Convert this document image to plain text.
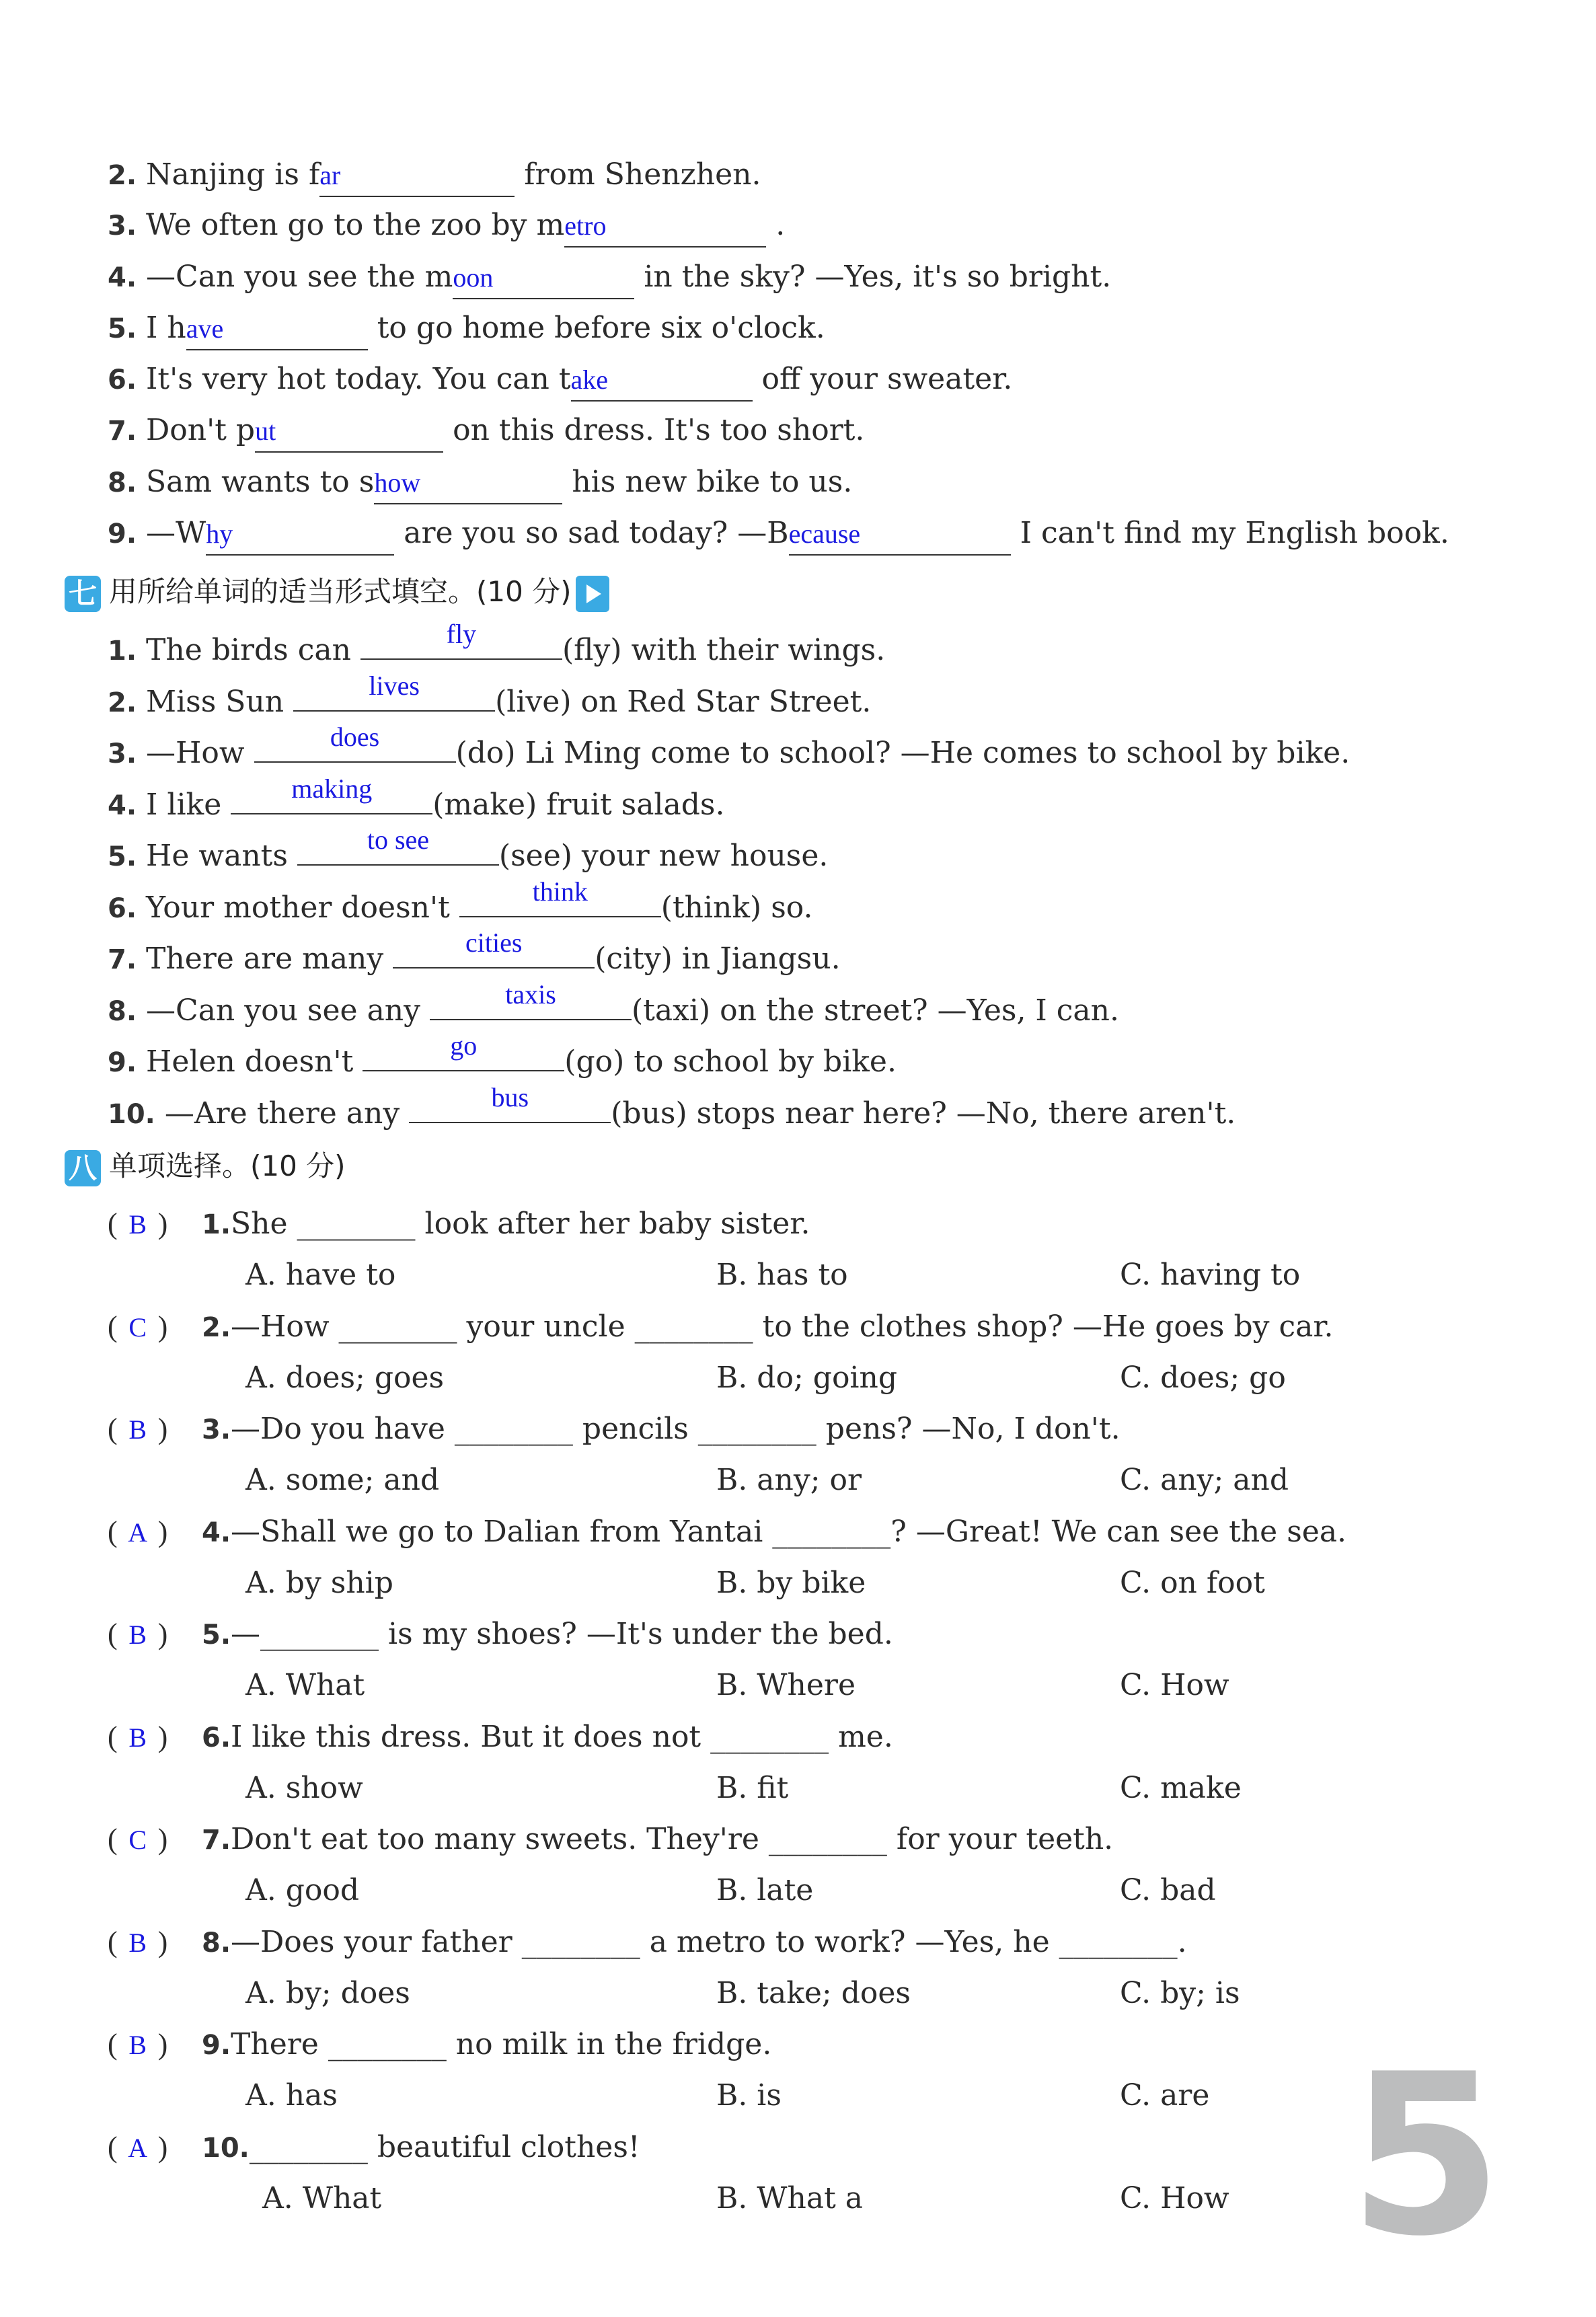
2. Nanjing is far	from Shenzhen.
3. We often go to the zoo by metro	.
4. —Can you see the moon	in the sky? —Yes, it's so bright.
5. I have	to go home before six o'clock.
6. It's very hot today. You can take	off your sweater.
7. Don't put	on this dress. It's too short.
8. Sam wants to show	his new bike to us.
9. —Why	are you so sad today? —Because	I can't find my English book.
七 用所给单词的适当形式填空。(10 分)
1. The birds can	fly	(fly) with their wings.
2. Miss Sun	lives	(live) on Red Star Street.
3. —How	does	(do) Li Ming come to school? —He comes to school by bike.
4. I like	making	(make) fruit salads.
5. He wants	to see	(see) your new house.
6. Your mother doesn't	think	(think) so.
7. There are many	cities	(city) in Jiangsu.
8. —Can you see any	taxis	(taxi) on the street? —Yes, I can.
9. Helen doesn't	go	(go) to school by bike.
10. —Are there any	bus	(bus) stops near here? —No, there aren't.
八 单项选择。(10 分)
( B ) 1.She ________ look after her baby sister.
A. have to	B. has to	C. having to
( C ) 2.—How ________ your uncle ________ to the clothes shop? —He goes by car.
A. does; goes	B. do; going	C. does; go
( B ) 3.—Do you have ________ pencils ________ pens? —No, I don't.
A. some; and	B. any; or	C. any; and
( A ) 4.—Shall we go to Dalian from Yantai ________? —Great! We can see the sea.
A. by ship	B. by bike	C. on foot
( B ) 5.—________ is my shoes? —It's under the bed.
A. What	B. Where	C. How
( B ) 6.I like this dress. But it does not ________ me.
A. show	B. fit	C. make
( C ) 7.Don't eat too many sweets. They're ________ for your teeth.
A. good	B. late	C. bad
( B ) 8.—Does your father ________ a metro to work? —Yes, he ________.
A. by; does	B. take; does	C. by; is
( B ) 9.There ________ no milk in the fridge.
A. has	B. is	C. are
( A ) 10.________ beautiful clothes!
A. What	B. What a	C. How 5
